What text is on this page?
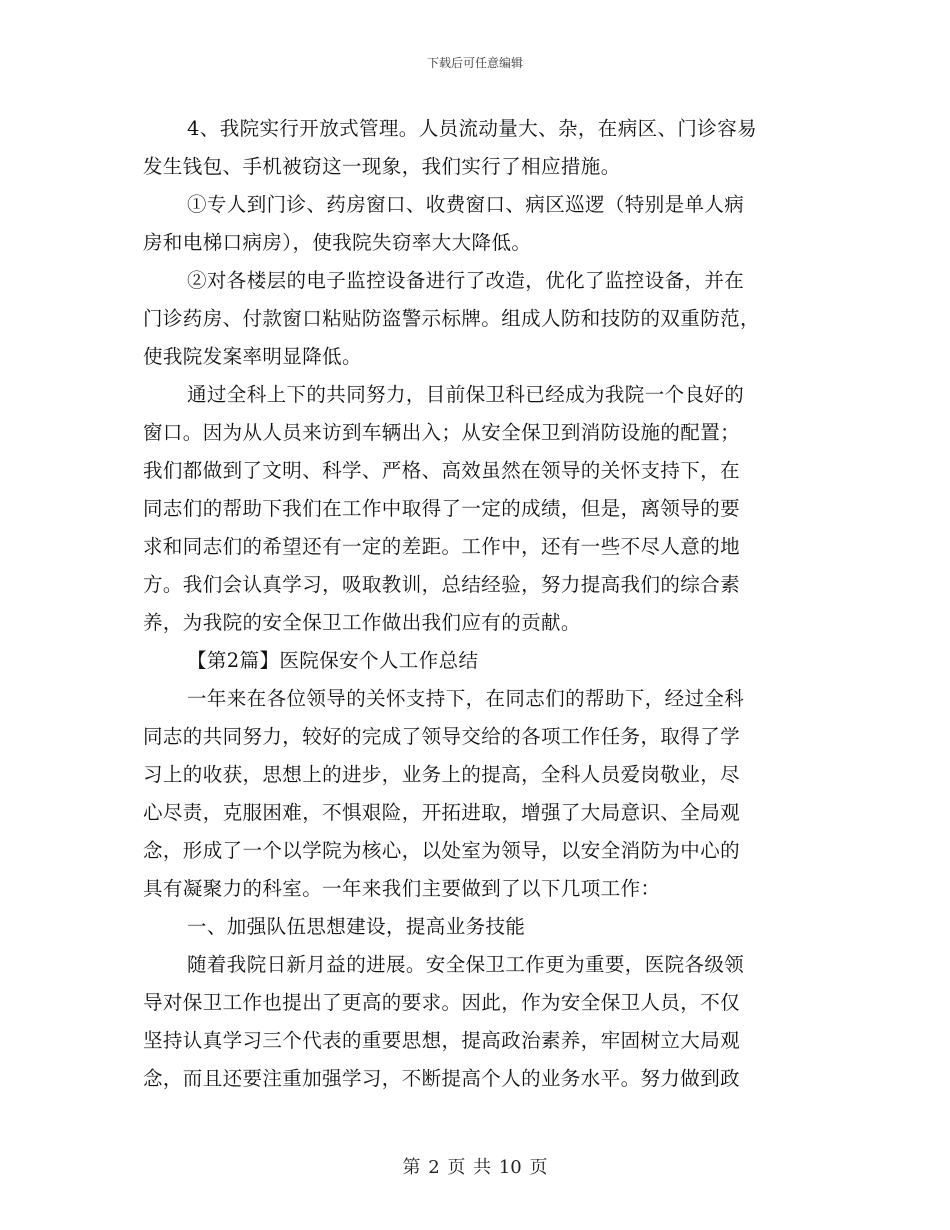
下载后可任意编辑
4、我院实行开放式管理。人员流动量大、杂，在病区、门诊容易
发生钱包、手机被窃这一现象，我们实行了相应措施。
①专人到门诊、药房窗口、收费窗口、病区巡逻（特别是单人病
房和电梯口病房），使我院失窃率大大降低。
②对各楼层的电子监控设备进行了改造，优化了监控设备，并在
门诊药房、付款窗口粘贴防盗警示标牌。组成人防和技防的双重防范，
使我院发案率明显降低。
通过全科上下的共同努力，目前保卫科已经成为我院一个良好的
窗口。因为从人员来访到车辆出入；从安全保卫到消防设施的配置；
我们都做到了文明、科学、严格、高效虽然在领导的关怀支持下，在
同志们的帮助下我们在工作中取得了一定的成绩，但是，离领导的要
求和同志们的希望还有一定的差距。工作中，还有一些不尽人意的地
方。我们会认真学习，吸取教训，总结经验，努力提高我们的综合素
养，为我院的安全保卫工作做出我们应有的贡献。
【第2篇】医院保安个人工作总结
一年来在各位领导的关怀支持下，在同志们的帮助下，经过全科
同志的共同努力，较好的完成了领导交给的各项工作任务，取得了学
习上的收获，思想上的进步，业务上的提高，全科人员爱岗敬业，尽
心尽责，克服困难，不惧艰险，开拓进取，增强了大局意识、全局观
念，形成了一个以学院为核心，以处室为领导，以安全消防为中心的
具有凝聚力的科室。一年来我们主要做到了以下几项工作：
一、加强队伍思想建设，提高业务技能
随着我院日新月益的进展。安全保卫工作更为重要，医院各级领
导对保卫工作也提出了更高的要求。因此，作为安全保卫人员，不仅
坚持认真学习三个代表的重要思想，提高政治素养，牢固树立大局观
念，而且还要注重加强学习，不断提高个人的业务水平。努力做到政
第 2 页 共 10 页
